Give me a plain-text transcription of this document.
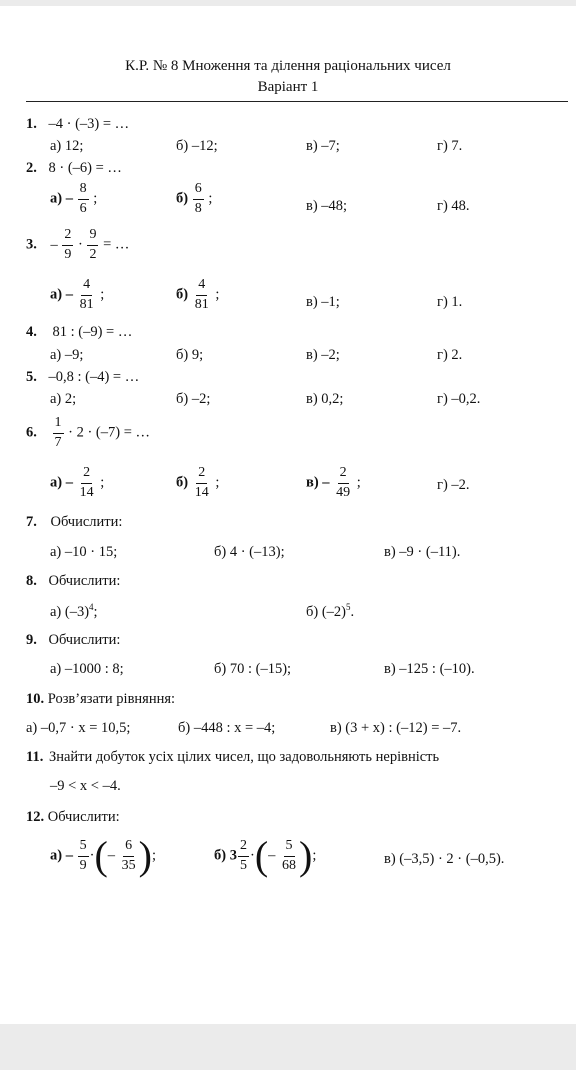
К.Р. № 8 Множення та ділення раціональних чисел
Варіант 1
1. –4 · (–3) = …
а) 12;	б) –12;	в) –7;	г) 7.
2. 8 · (–6) = …
$а) - \frac{8}{6}$ ;	$б) \frac{6}{8}$ ;	в) –48;	г) 48.
3. – $\frac{2}{9} \cdot \frac{9}{2}$ = …
$а) - \frac{4}{81}$ ;	$б) \frac{4}{81}$ ;	в) –1;	г) 1.
4. 81 : (–9) = …
а) –9;	б) 9;	в) –2;	г) 2.
5. –0,8 : (–4) = …
а) 2;	б) –2;	в) 0,2;	г) –0,2.
6. $\frac{1}{7} \cdot 2 \cdot (-7)$ = …
$а) - \frac{2}{14}$ ;	$б) \frac{2}{14}$ ;	$в) - \frac{2}{49}$ ;	г) –2.
7. Обчислити:
а) –10 · 15;	б) 4 · (–13);	в) –9 · (–11).
8. Обчислити:
а) $(-3)^4$;	б) $(-2)^5$.
9. Обчислити:
а) –1000 : 8;	б) 70 : (–15);	в) –125 : (–10).
10. Розв’язати рівняння:
а) –0,7 · x = 10,5;	б) –448 : x = –4;	в) (3 + x) : (–12) = –7.
11. Знайти добуток усіх цілих чисел, що задовольняють нерівність
–9 < x < –4.
12. Обчислити:
$а) - \frac{5}{9}$ ·(– $\frac{6}{35}$ );	б) $3 \frac{2}{5}$ ·(– $\frac{5}{68}$ );	в) (–3,5) · 2 · (–0,5).
